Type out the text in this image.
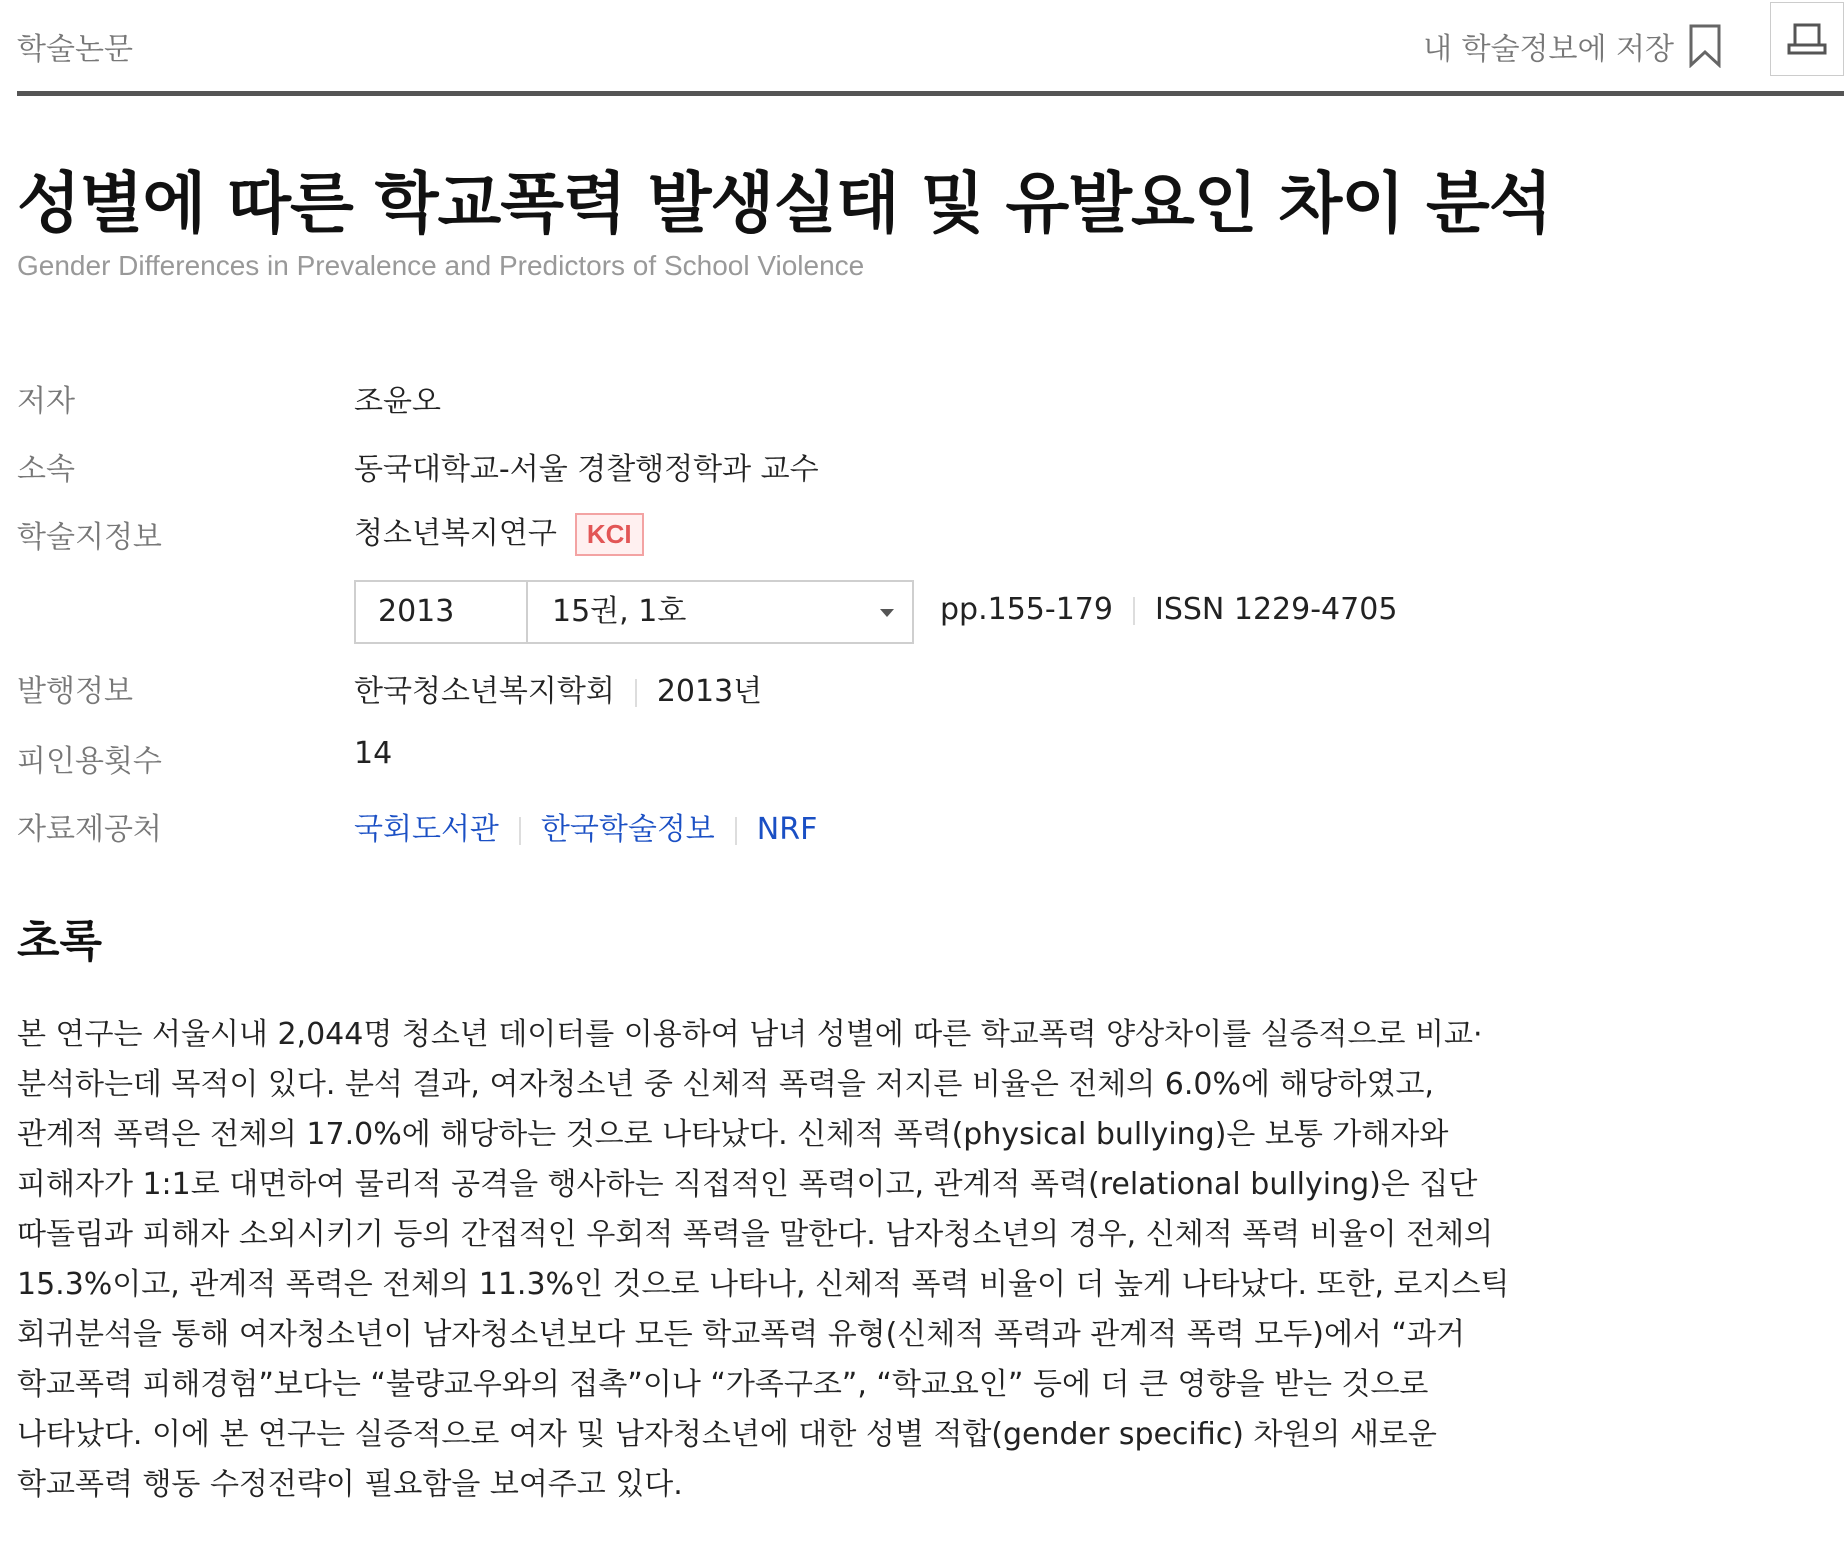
학술논문	내 학술정보에 저장
성별에 따른 학교폭력 발생실태 및 유발요인 차이 분석
Gender Differences in Prevalence and Predictors of School Violence
저자	조윤오
소속	동국대학교-서울 경찰행정학과 교수
학술지정보	청소년복지연구 KCI
2013	15권, 1호	pp.155-179 ISSN 1229-4705
발행정보	한국청소년복지학회 2013년
피인용횟수	14
자료제공처	국회도서관 한국학술정보 NRF
초록

본 연구는 서울시내 2,044명 청소년 데이터를 이용하여 남녀 성별에 따른 학교폭력 양상차이를 실증적으로 비교·분석하는데 목적이 있다. 분석 결과, 여자청소년 중 신체적 폭력을 저지른 비율은 전체의 6.0%에 해당하였고, 관계적 폭력은 전체의 17.0%에 해당하는 것으로 나타났다. 신체적 폭력(physical bullying)은 보통 가해자와 피해자가 1:1로 대면하여 물리적 공격을 행사하는 직접적인 폭력이고, 관계적 폭력(relational bullying)은 집단 따돌림과 피해자 소외시키기 등의 간접적인 우회적 폭력을 말한다. 남자청소년의 경우, 신체적 폭력 비율이 전체의 15.3%이고, 관계적 폭력은 전체의 11.3%인 것으로 나타나, 신체적 폭력 비율이 더 높게 나타났다. 또한, 로지스틱 회귀분석을 통해 여자청소년이 남자청소년보다 모든 학교폭력 유형(신체적 폭력과 관계적 폭력 모두)에서 “과거 학교폭력 피해경험”보다는 “불량교우와의 접촉”이나 “가족구조”, “학교요인” 등에 더 큰 영향을 받는 것으로 나타났다. 이에 본 연구는 실증적으로 여자 및 남자청소년에 대한 성별 적합(gender specific) 차원의 새로운 학교폭력 행동 수정전략이 필요함을 보여주고 있다.
